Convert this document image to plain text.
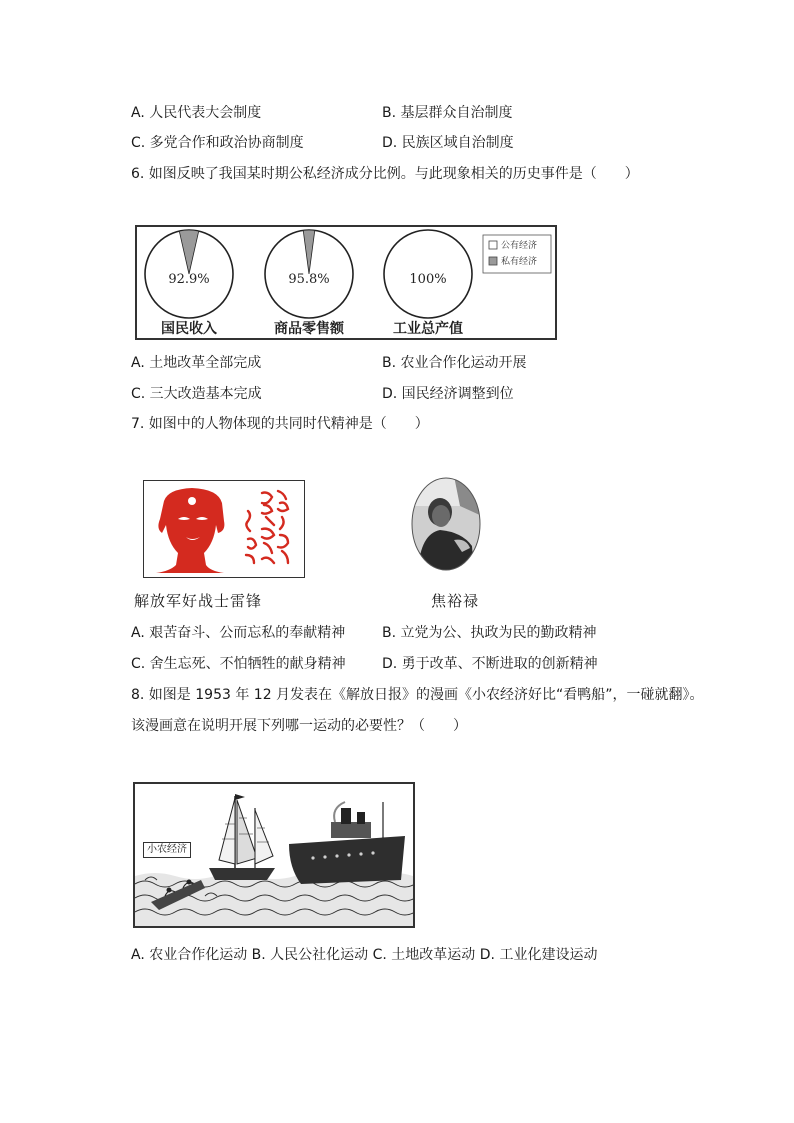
A. 人民代表大会制度	B. 基层群众自治制度
C. 多党合作和政治协商制度	D. 民族区域自治制度
6. 如图反映了我国某时期公私经济成分比例。与此现象相关的历史事件是（　　）
92.9%
国民收入
95.8%
商品零售额
100%
工业总产值
公有经济
私有经济
A. 土地改革全部完成	B. 农业合作化运动开展
C. 三大改造基本完成	D. 国民经济调整到位
7. 如图中的人物体现的共同时代精神是（　　）
解放军好战士雷锋	焦裕禄
A. 艰苦奋斗、公而忘私的奉献精神	B. 立党为公、执政为民的勤政精神
C. 舍生忘死、不怕牺牲的献身精神	D. 勇于改革、不断进取的创新精神
8. 如图是 1953 年 12 月发表在《解放日报》的漫画《小农经济好比“看鸭船”，一碰就翻》。
该漫画意在说明开展下列哪一运动的必要性？（　　）
小农经济
A. 农业合作化运动 B. 人民公社化运动 C. 土地改革运动 D. 工业化建设运动
